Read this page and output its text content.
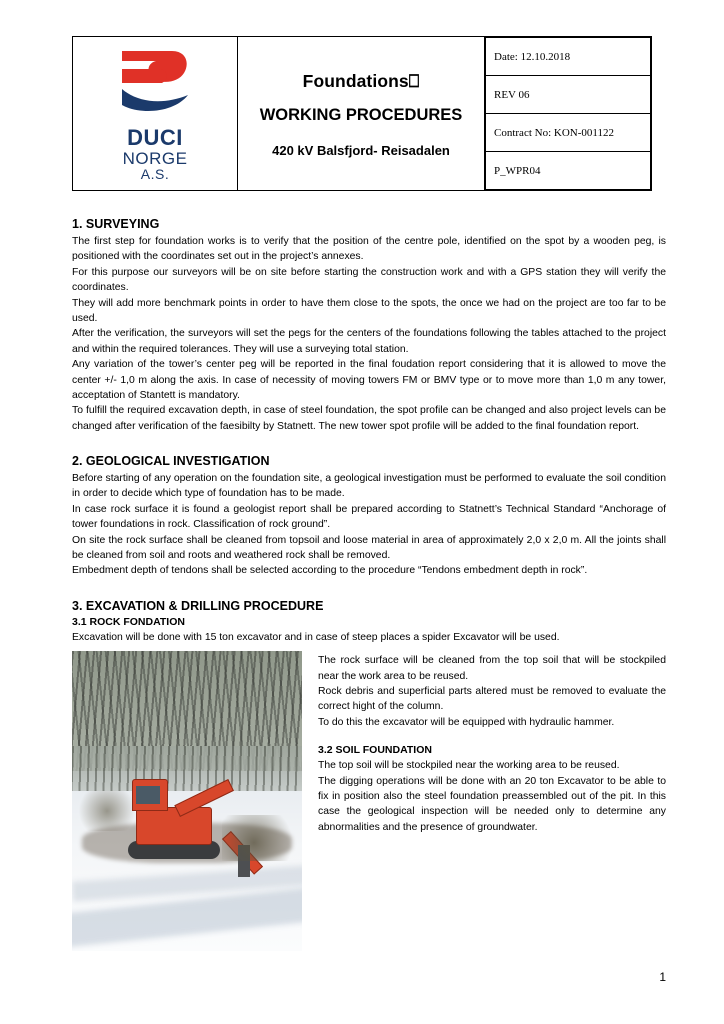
DUCI
NORGE
A.S.

Foundations⎕
WORKING PROCEDURES
420 kV Balsfjord- Reisadalen

Date: 12.10.2018
REV 06
Contract No: KON-001122
P_WPR04
1. SURVEYING

The first step for foundation works is to verify that the position of the centre pole, identified on the spot by a wooden peg, is positioned with the coordinates set out in the project’s annexes.

For this purpose our surveyors will be on site before starting the construction work and with a GPS station they will verify the coordinates.

They will add more benchmark points in order to have them close to the spots, the once we had on the project are too far to be used.

After the verification, the surveyors will set the pegs for the centers of the foundations following the tables attached to the project and within the required tolerances. They will use a surveying total station.

Any variation of the tower’s center peg will be reported in the final foudation report considering that it is allowed to move the center +/- 1,0 m along the axis. In case of necessity of moving towers FM or BMV type or to move more than 1,0 m any tower, acceptation of Stantett is mandatory.

To fulfill the required excavation depth, in case of steel foundation, the spot profile can be changed and also project levels can be changed after verification of the faesibilty by Statnett. The new tower spot profile will be added to the final foundation report.

2. GEOLOGICAL INVESTIGATION

Before starting of any operation on the foundation site, a geological investigation must be performed to evaluate the soil condition in order to decide which type of foundation has to be made.

In case rock surface it is found a geologist report shall be prepared according to Statnett’s Technical Standard “Anchorage of tower foundations in rock. Classification of rock ground”.

On site the rock surface shall be cleaned from topsoil and loose material in area of approximately 2,0 x 2,0 m. All the joints shall be cleaned from soil and roots and weathered rock shall be removed.

Embedment depth of tendons shall be selected according to the procedure “Tendons embedment depth in rock”.

3. EXCAVATION & DRILLING PROCEDURE
3.1 ROCK FONDATION

Excavation will be done with 15 ton excavator and in case of steep places a spider Excavator will be used.

The rock surface will be cleaned from the top soil that will be stockpiled near the work area to be reused.

Rock debris and superficial parts altered must be removed to evaluate the correct hight of the column.

To do this the excavator will be equipped with hydraulic hammer.

3.2 SOIL FOUNDATION

The top soil will be stockpiled near the working area to be reused.

The digging operations will be done with an 20 ton Excavator to be able to fix in position also the steel foundation preassembled out of the pit. In this case the geological inspection will be needed only to determine any abnormalities and the presence of groundwater.

1
